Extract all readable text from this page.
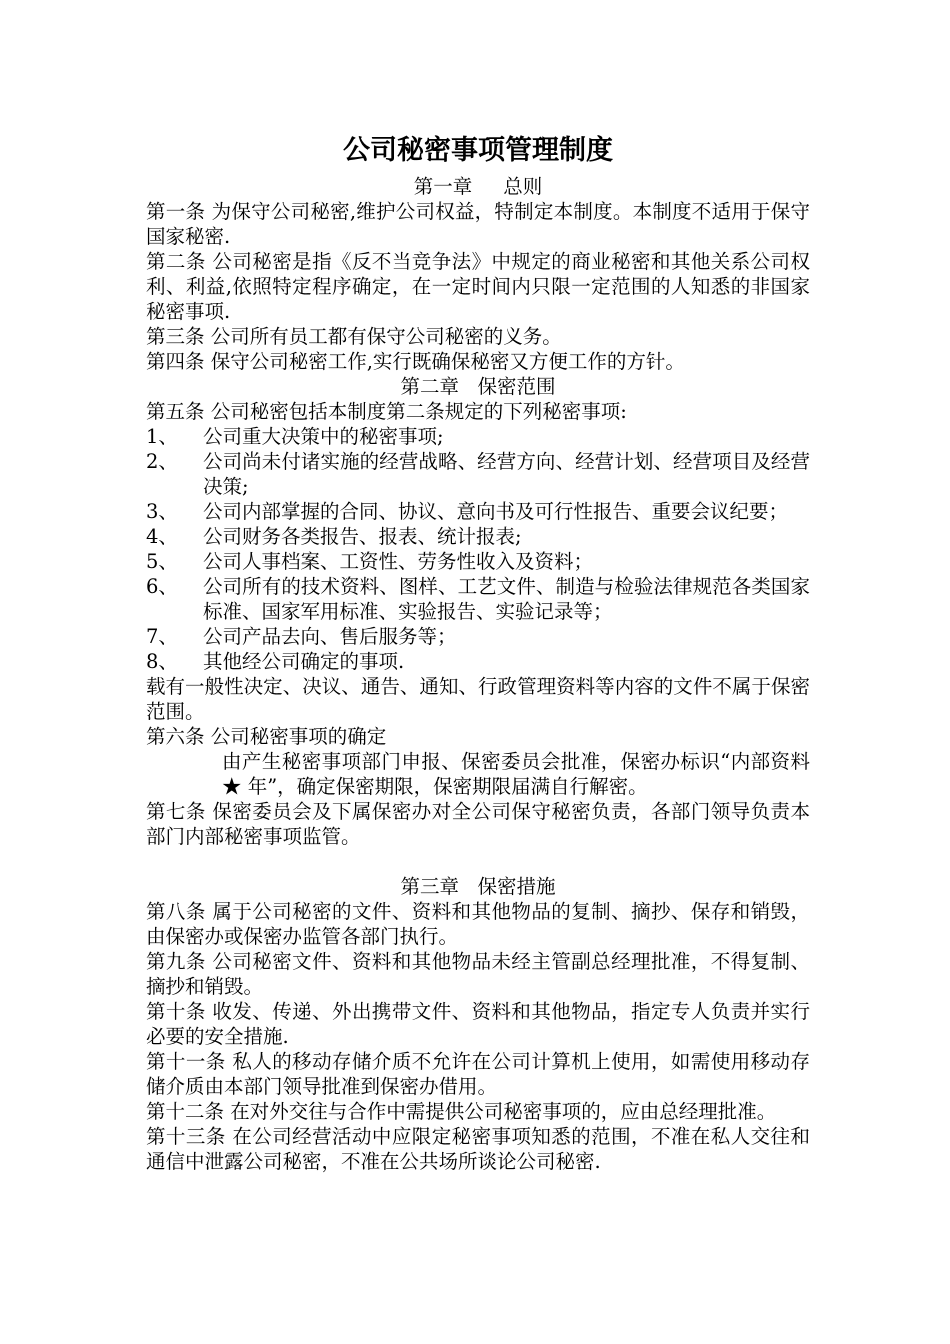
公司秘密事项管理制度
第一章     总则

第一条 为保守公司秘密,维护公司权益，特制定本制度。本制度不适用于保守国家秘密.

第二条 公司秘密是指《反不当竞争法》中规定的商业秘密和其他关系公司权利、利益,依照特定程序确定，在一定时间内只限一定范围的人知悉的非国家秘密事项.

第三条 公司所有员工都有保守公司秘密的义务。

第四条 保守公司秘密工作,实行既确保秘密又方便工作的方针。

第二章   保密范围

第五条 公司秘密包括本制度第二条规定的下列秘密事项:

1、	公司重大决策中的秘密事项;
2、	公司尚未付诸实施的经营战略、经营方向、经营计划、经营项目及经营决策;
3、	公司内部掌握的合同、协议、意向书及可行性报告、重要会议纪要；
4、	公司财务各类报告、报表、统计报表;
5、	公司人事档案、工资性、劳务性收入及资料；
6、	公司所有的技术资料、图样、工艺文件、制造与检验法律规范各类国家标准、国家军用标准、实验报告、实验记录等；
7、	公司产品去向、售后服务等；
8、	其他经公司确定的事项.

载有一般性决定、决议、通告、通知、行政管理资料等内容的文件不属于保密范围。

第六条 公司秘密事项的确定

由产生秘密事项部门申报、保密委员会批准，保密办标识“内部资料★ 年”，确定保密期限，保密期限届满自行解密。

第七条 保密委员会及下属保密办对全公司保守秘密负责，各部门领导负责本部门内部秘密事项监管。

第三章   保密措施

第八条 属于公司秘密的文件、资料和其他物品的复制、摘抄、保存和销毁，由保密办或保密办监管各部门执行。

第九条 公司秘密文件、资料和其他物品未经主管副总经理批准，不得复制、摘抄和销毁。

第十条 收发、传递、外出携带文件、资料和其他物品，指定专人负责并实行必要的安全措施.

第十一条 私人的移动存储介质不允许在公司计算机上使用，如需使用移动存储介质由本部门领导批准到保密办借用。

第十二条 在对外交往与合作中需提供公司秘密事项的，应由总经理批准。

第十三条 在公司经营活动中应限定秘密事项知悉的范围，不准在私人交往和通信中泄露公司秘密，不准在公共场所谈论公司秘密.
